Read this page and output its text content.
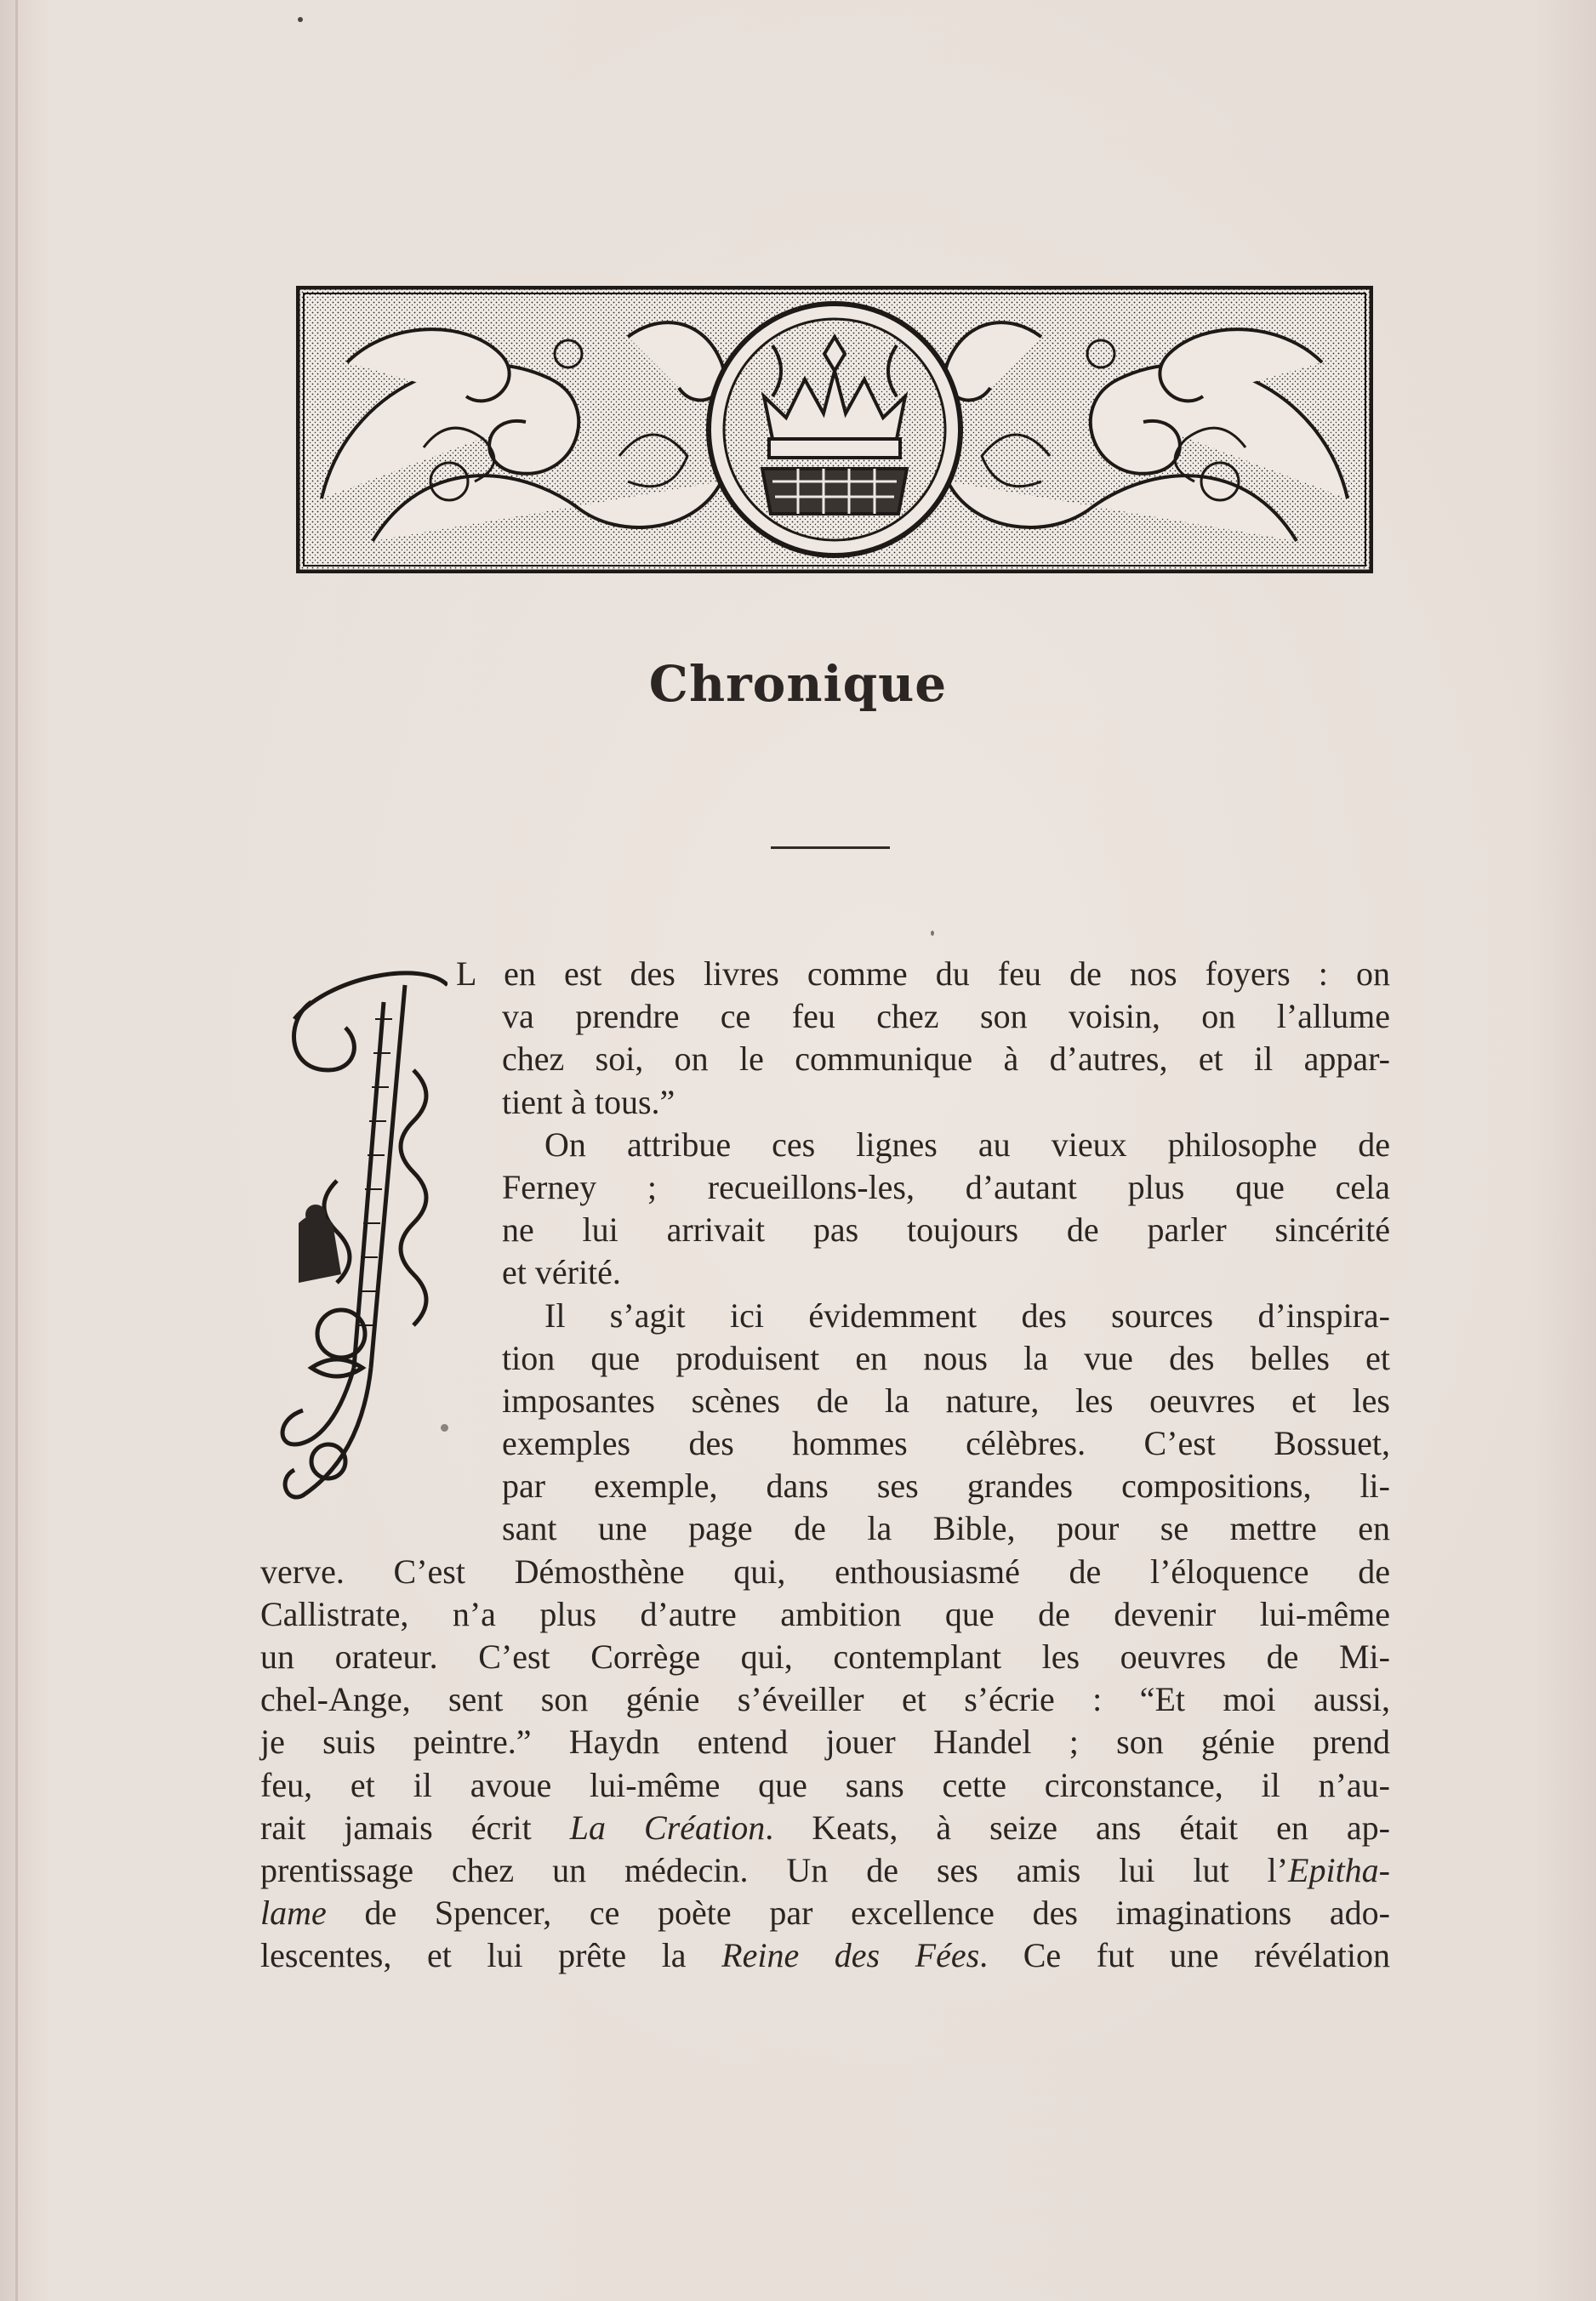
Chronique
L en est des livres comme du feu de nos foyers : on
va prendre ce feu chez son voisin, on l’allume
chez soi, on le communique à d’autres, et il appar-
tient à tous.”
On attribue ces lignes au vieux philosophe de
Ferney ; recueillons-les, d’autant plus que cela
ne lui arrivait pas toujours de parler sincérité
et vérité.
Il s’agit ici évidemment des sources d’inspira-
tion que produisent en nous la vue des belles et
imposantes scènes de la nature, les oeuvres et les
exemples des hommes célèbres. C’est Bossuet,
par exemple, dans ses grandes compositions, li-
sant une page de la Bible, pour se mettre en
verve. C’est Démosthène qui, enthousiasmé de l’éloquence de
Callistrate, n’a plus d’autre ambition que de devenir lui-même
un orateur. C’est Corrège qui, contemplant les oeuvres de Mi-
chel-Ange, sent son génie s’éveiller et s’écrie : “Et moi aussi,
je suis peintre.” Haydn entend jouer Handel ; son génie prend
feu, et il avoue lui-même que sans cette circonstance, il n’au-
rait jamais écrit La Création. Keats, à seize ans était en ap-
prentissage chez un médecin. Un de ses amis lui lut l’Epitha-
lame de Spencer, ce poète par excellence des imaginations ado-
lescentes, et lui prête la Reine des Fées. Ce fut une révélation
